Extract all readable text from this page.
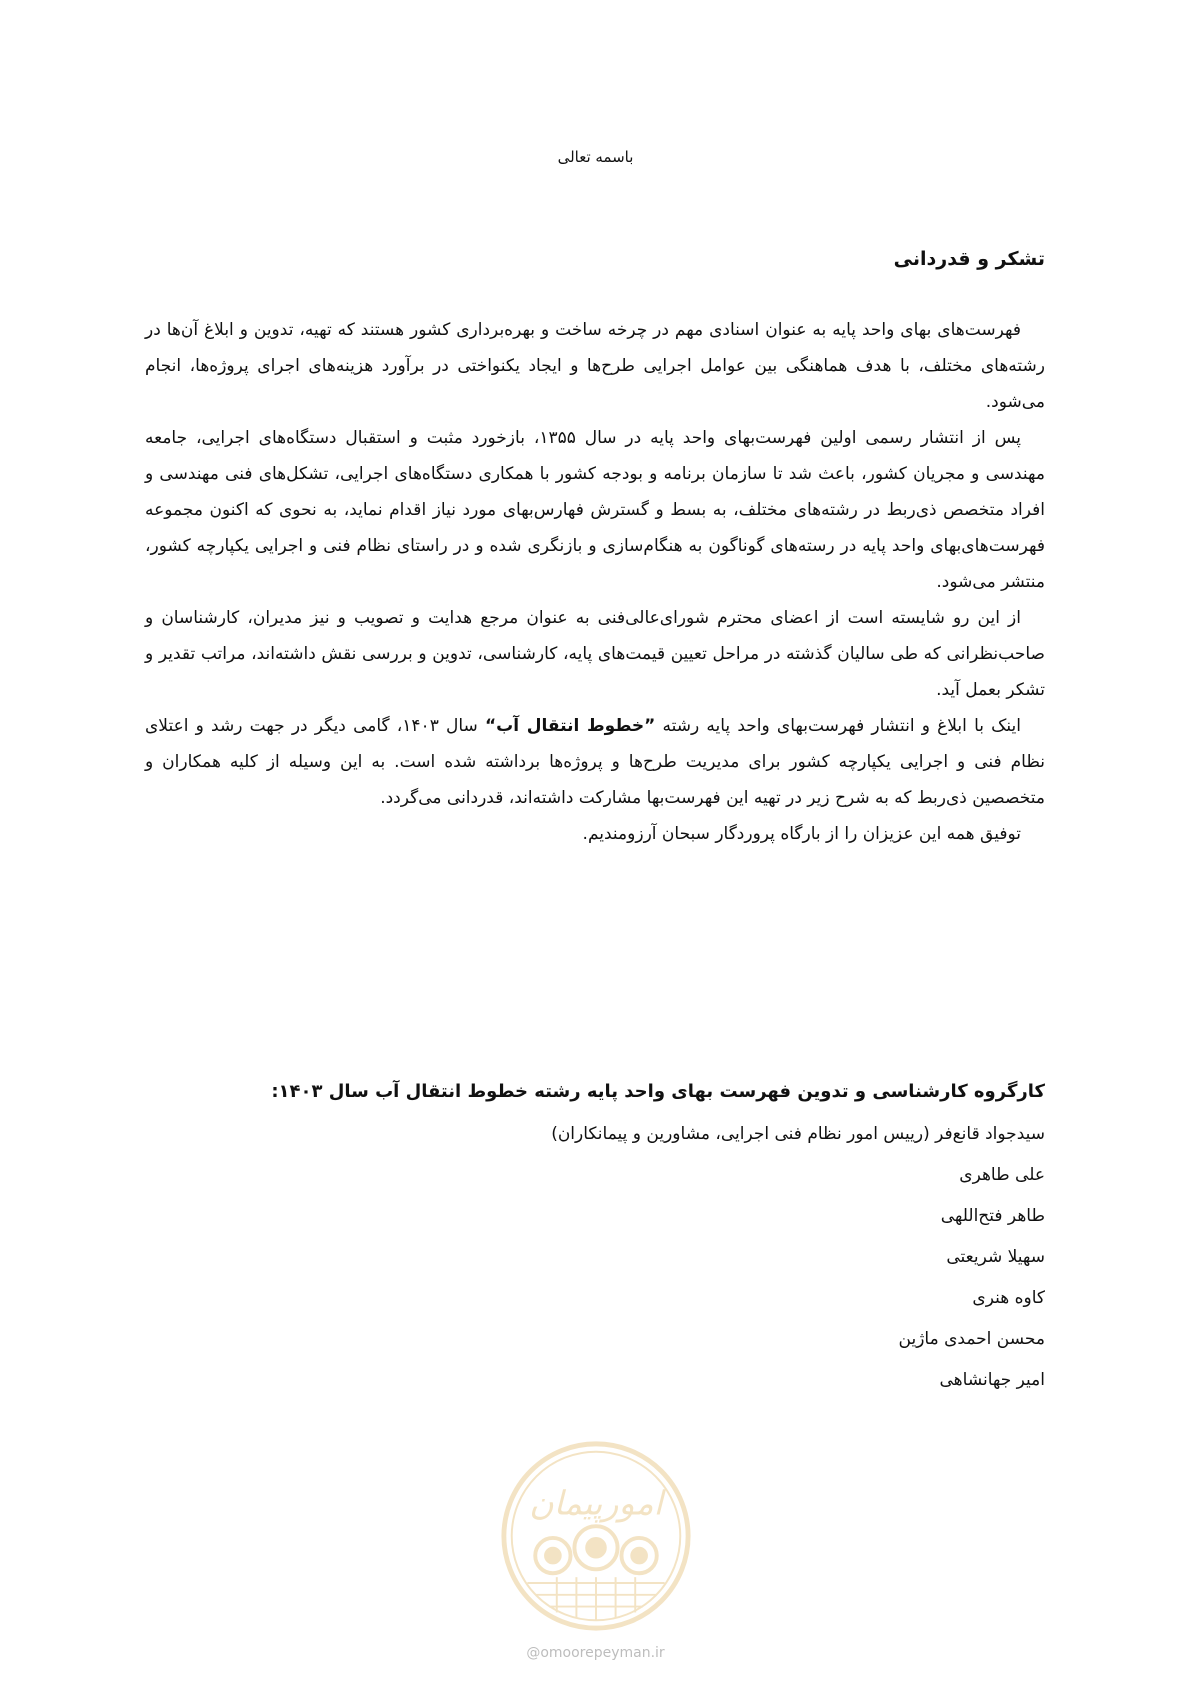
باسمه تعالی
تشکر و قدردانی

فهرست‌های بهای واحد پایه به عنوان اسنادی مهم در چرخه ساخت و بهره‌برداری کشور هستند که تهیه، تدوین و ابلاغ آن‌ها در رشته‌های مختلف، با هدف هماهنگی بین عوامل اجرایی طرح‌ها و ایجاد یکنواختی در برآورد هزینه‌های اجرای پروژه‌ها، انجام می‌شود.

پس از انتشار رسمی اولین فهرست‌بهای واحد پایه در سال ۱۳۵۵، بازخورد مثبت و استقبال دستگاه‌های اجرایی، جامعه مهندسی و مجریان کشور، باعث شد تا سازمان برنامه و بودجه کشور با همکاری دستگاه‌های اجرایی، تشکل‌های فنی مهندسی و افراد متخصص ذی‌ربط در رشته‌های مختلف، به بسط و گسترش فهارس‌بهای مورد نیاز اقدام نماید، به نحوی که اکنون مجموعه فهرست‌های‌بهای واحد پایه در رسته‌های گوناگون به هنگام‌سازی و بازنگری شده و در راستای نظام فنی و اجرایی یکپارچه کشور، منتشر می‌شود.

از این رو شایسته است از اعضای محترم شورای‌عالی‌فنی به عنوان مرجع هدایت و تصویب و نیز مدیران، کارشناسان و صاحب‌نظرانی که طی سالیان گذشته در مراحل تعیین قیمت‌های پایه، کارشناسی، تدوین و بررسی نقش داشته‌اند، مراتب تقدیر و تشکر بعمل آید.

اینک با ابلاغ و انتشار فهرست‌بهای واحد پایه رشته ”خطوط انتقال آب“ سال ۱۴۰۳، گامی دیگر در جهت رشد و اعتلای نظام فنی و اجرایی یکپارچه کشور برای مدیریت طرح‌ها و پروژه‌ها برداشته شده است. به این وسیله از کلیه همکاران و متخصصین ذی‌ربط که به شرح زیر در تهیه این فهرست‌بها مشارکت داشته‌اند، قدردانی می‌گردد.

توفیق همه این عزیزان را از بارگاه پروردگار سبحان آرزومندیم.

کارگروه کارشناسی و تدوین فهرست بهای واحد پایه رشته خطوط انتقال آب سال ۱۴۰۳:
سیدجواد قانع‌فر (رییس امور نظام فنی اجرایی، مشاورین و پیمانکاران)
علی طاهری
طاهر فتح‌اللهی
سهیلا شریعتی
کاوه هنری
محسن احمدی ماژین
امیر جهانشاهی
امورپیمان
@omoorepeyman.ir
